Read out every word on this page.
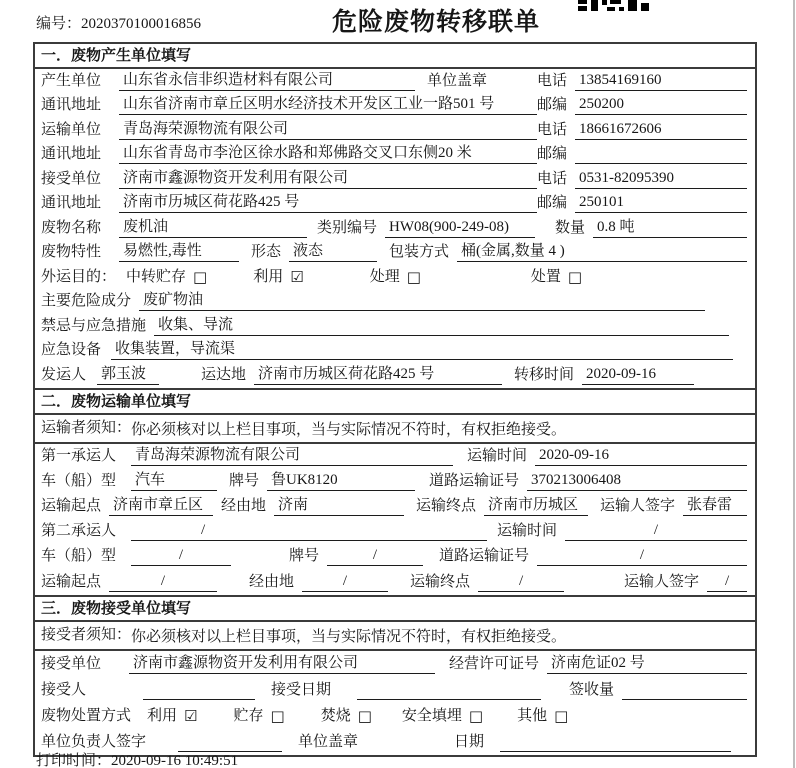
编号：2020370100016856	危险废物转移联单
一．废物产生单位填写
产生单位	山东省永信非织造材料有限公司	单位盖章	电话 13854169160
通讯地址	山东省济南市章丘区明水经济技术开发区工业一路501 号	邮编 250200
运输单位	青岛海荣源物流有限公司	电话 18661672606
通讯地址	山东省青岛市李沧区徐水路和郑佛路交叉口东侧20 米	邮编
接受单位	济南市鑫源物资开发利用有限公司	电话 0531-82095390
通讯地址	济南市历城区荷花路425 号	邮编 250101
废物名称	废机油	类别编号 HW08(900-249-08)	数量 0.8 吨
废物特性	易燃性,毒性	形态 液态	包装方式 桶(金属,数量 4 )
外运目的： 中转贮存 □	利用 ☑	处理 □	处置 □
主要危险成分 废矿物油
禁忌与应急措施 收集、导流
应急设备 收集装置，导流渠
发运人 郭玉波	运达地 济南市历城区荷花路425 号	转移时间 2020-09-16
二．废物运输单位填写
运输者须知： 你必须核对以上栏目事项，当与实际情况不符时，有权拒绝接受。
第一承运人	青岛海荣源物流有限公司	运输时间 2020-09-16
车（船）型	汽车	牌号 鲁UK8120	道路运输证号 370213006408
运输起点 济南市章丘区	经由地 济南	运输终点 济南市历城区	运输人签字 张春雷
第二承运人	/	运输时间	/
车（船）型	/	牌号	/	道路运输证号	/
运输起点	/	经由地	/	运输终点	/	运输人签字	/
三．废物接受单位填写
接受者须知： 你必须核对以上栏目事项，当与实际情况不符时，有权拒绝接受。
接受单位 济南市鑫源物资开发利用有限公司	经营许可证号 济南危证02 号
接受人	接受日期	签收量
废物处置方式 利用 ☑ 贮存 □ 焚烧 □ 安全填埋 □ 其他 □
单位负责人签字	单位盖章	日期
打印时间：2020-09-16 10:49:51
